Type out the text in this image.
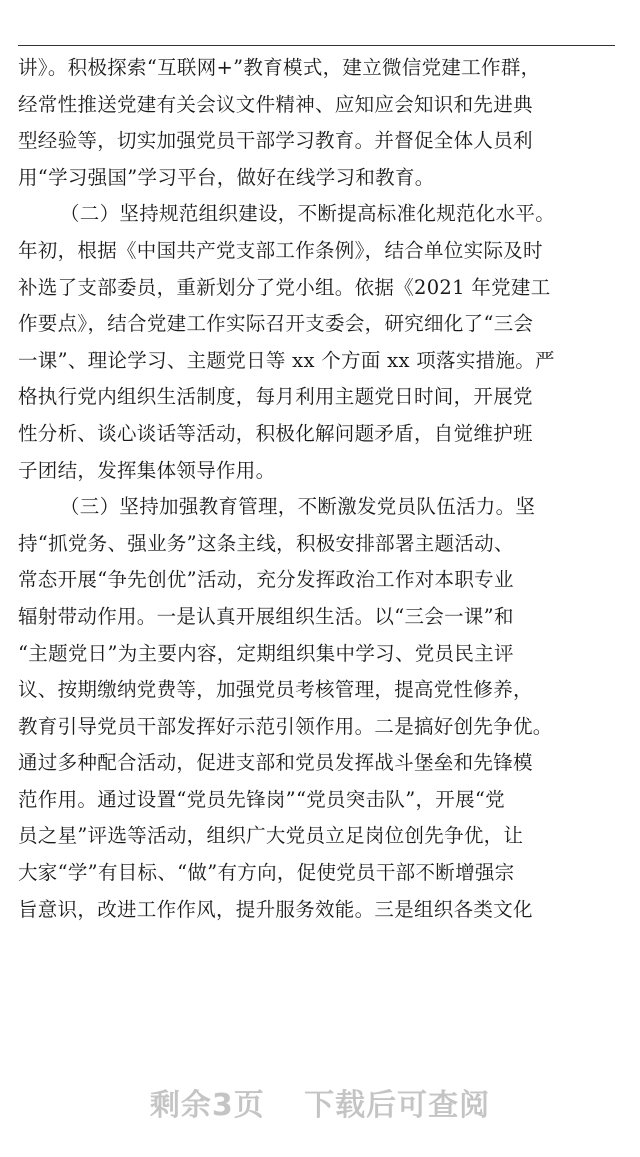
讲》。积极探索“互联网+”教育模式，建立微信党建工作群，
经常性推送党建有关会议文件精神、应知应会知识和先进典
型经验等，切实加强党员干部学习教育。并督促全体人员利
用“学习强国”学习平台，做好在线学习和教育。
（二）坚持规范组织建设，不断提高标准化规范化水平。
年初，根据《中国共产党支部工作条例》，结合单位实际及时
补选了支部委员，重新划分了党小组。依据《2021 年党建工
作要点》，结合党建工作实际召开支委会，研究细化了“三会
一课”、理论学习、主题党日等 xx 个方面 xx 项落实措施。严
格执行党内组织生活制度，每月利用主题党日时间，开展党
性分析、谈心谈话等活动，积极化解问题矛盾，自觉维护班
子团结，发挥集体领导作用。
（三）坚持加强教育管理，不断激发党员队伍活力。坚
持“抓党务、强业务”这条主线，积极安排部署主题活动、
常态开展“争先创优”活动，充分发挥政治工作对本职专业
辐射带动作用。一是认真开展组织生活。以“三会一课”和
“主题党日”为主要内容，定期组织集中学习、党员民主评
议、按期缴纳党费等，加强党员考核管理，提高党性修养，
教育引导党员干部发挥好示范引领作用。二是搞好创先争优。
通过多种配合活动，促进支部和党员发挥战斗堡垒和先锋模
范作用。通过设置“党员先锋岗”“党员突击队”，开展“党
员之星”评选等活动，组织广大党员立足岗位创先争优，让
大家“学”有目标、“做”有方向，促使党员干部不断增强宗
旨意识，改进工作作风，提升服务效能。三是组织各类文化
剩余3页 下载后可查阅
